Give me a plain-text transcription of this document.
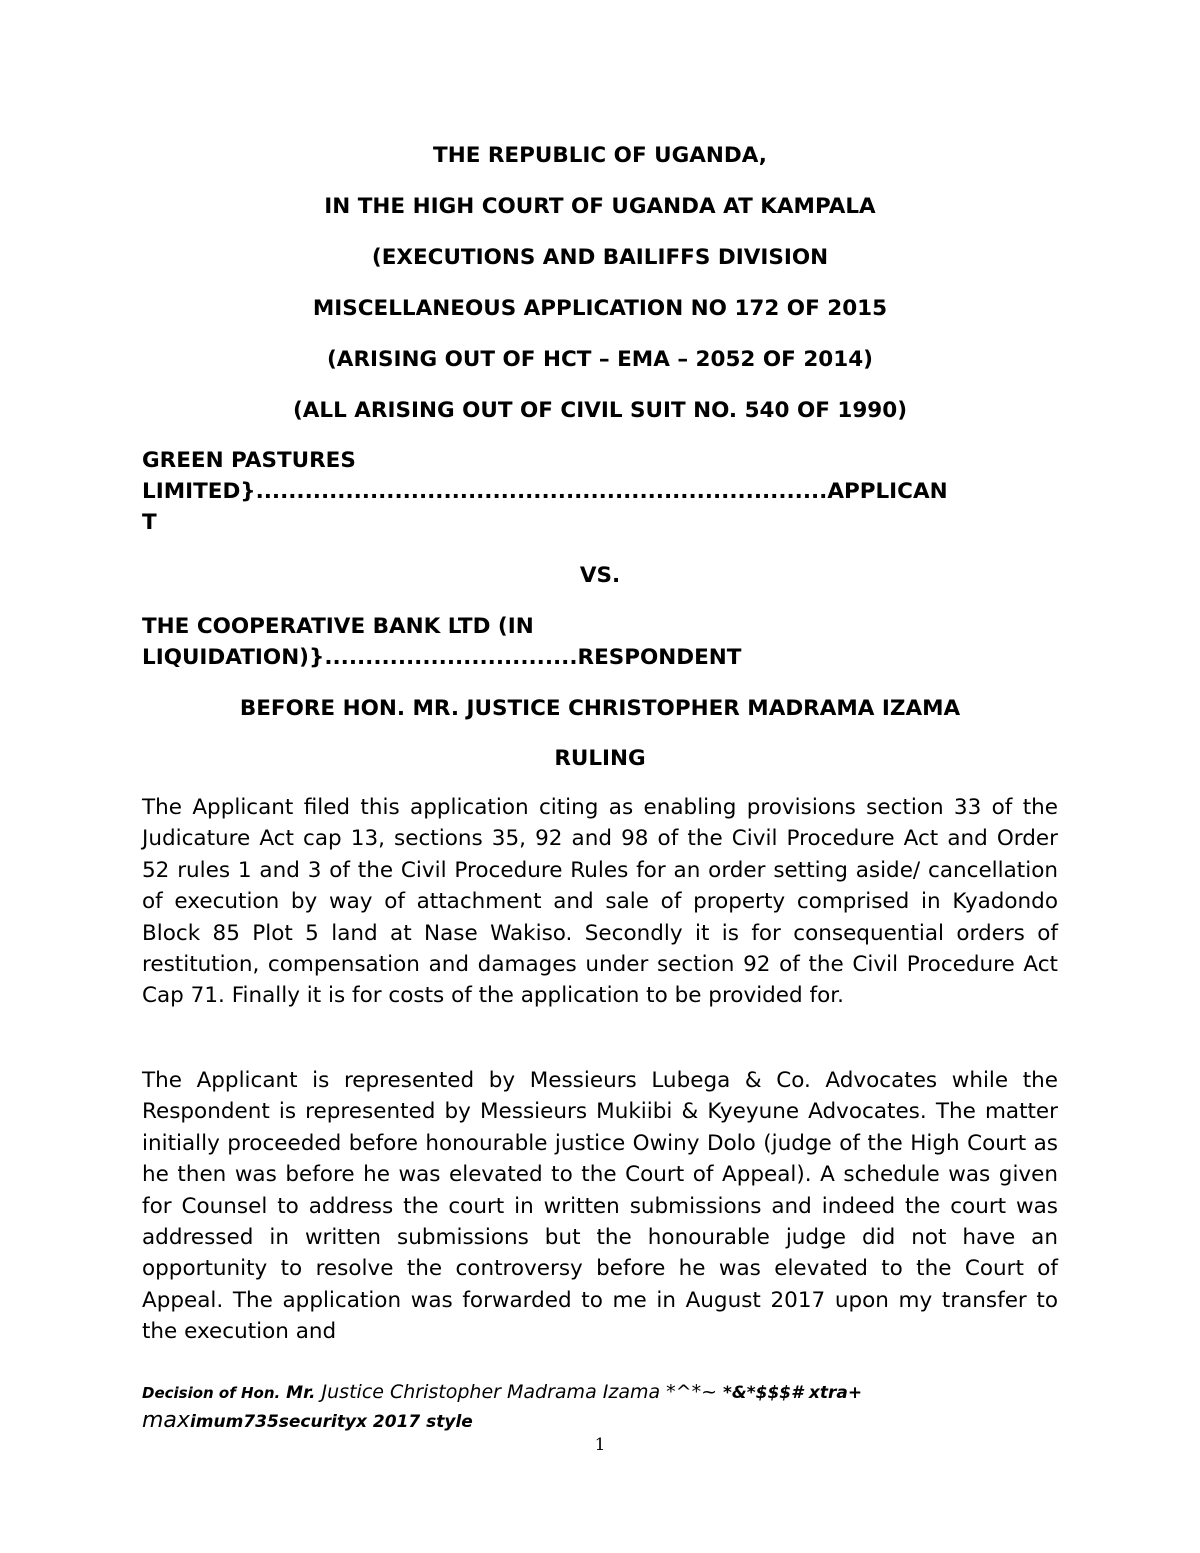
THE REPUBLIC OF UGANDA,
IN THE HIGH COURT OF UGANDA AT KAMPALA
(EXECUTIONS AND BAILIFFS DIVISION
MISCELLANEOUS APPLICATION NO 172 OF 2015
(ARISING OUT OF HCT – EMA – 2052 OF 2014)
(ALL ARISING OUT OF CIVIL SUIT NO. 540 OF 1990)
GREEN PASTURES
LIMITED}......................................................................APPLICAN
T
VS.
THE COOPERATIVE BANK LTD (IN
LIQUIDATION)}...............................RESPONDENT
BEFORE HON. MR. JUSTICE CHRISTOPHER MADRAMA IZAMA
RULING

The Applicant filed this application citing as enabling provisions section 33 of the Judicature Act cap 13, sections 35, 92 and 98 of the Civil Procedure Act and Order 52 rules 1 and 3 of the Civil Procedure Rules for an order setting aside/ cancellation of execution by way of attachment and sale of property comprised in Kyadondo Block 85 Plot 5 land at Nase Wakiso. Secondly it is for consequential orders of restitution, compensation and damages under section 92 of the Civil Procedure Act Cap 71. Finally it is for costs of the application to be provided for.

The Applicant is represented by Messieurs Lubega & Co. Advocates while the Respondent is represented by Messieurs Mukiibi & Kyeyune Advocates. The matter initially proceeded before honourable justice Owiny Dolo (judge of the High Court as he then was before he was elevated to the Court of Appeal). A schedule was given for Counsel to address the court in written submissions and indeed the court was addressed in written submissions but the honourable judge did not have an opportunity to resolve the controversy before he was elevated to the Court of Appeal. The application was forwarded to me in August 2017 upon my transfer to the execution and

Decision of Hon. Mr. Justice Christopher Madrama Izama *^*~ *&*$$$# xtra+
maximum735securityx 2017 style
1
